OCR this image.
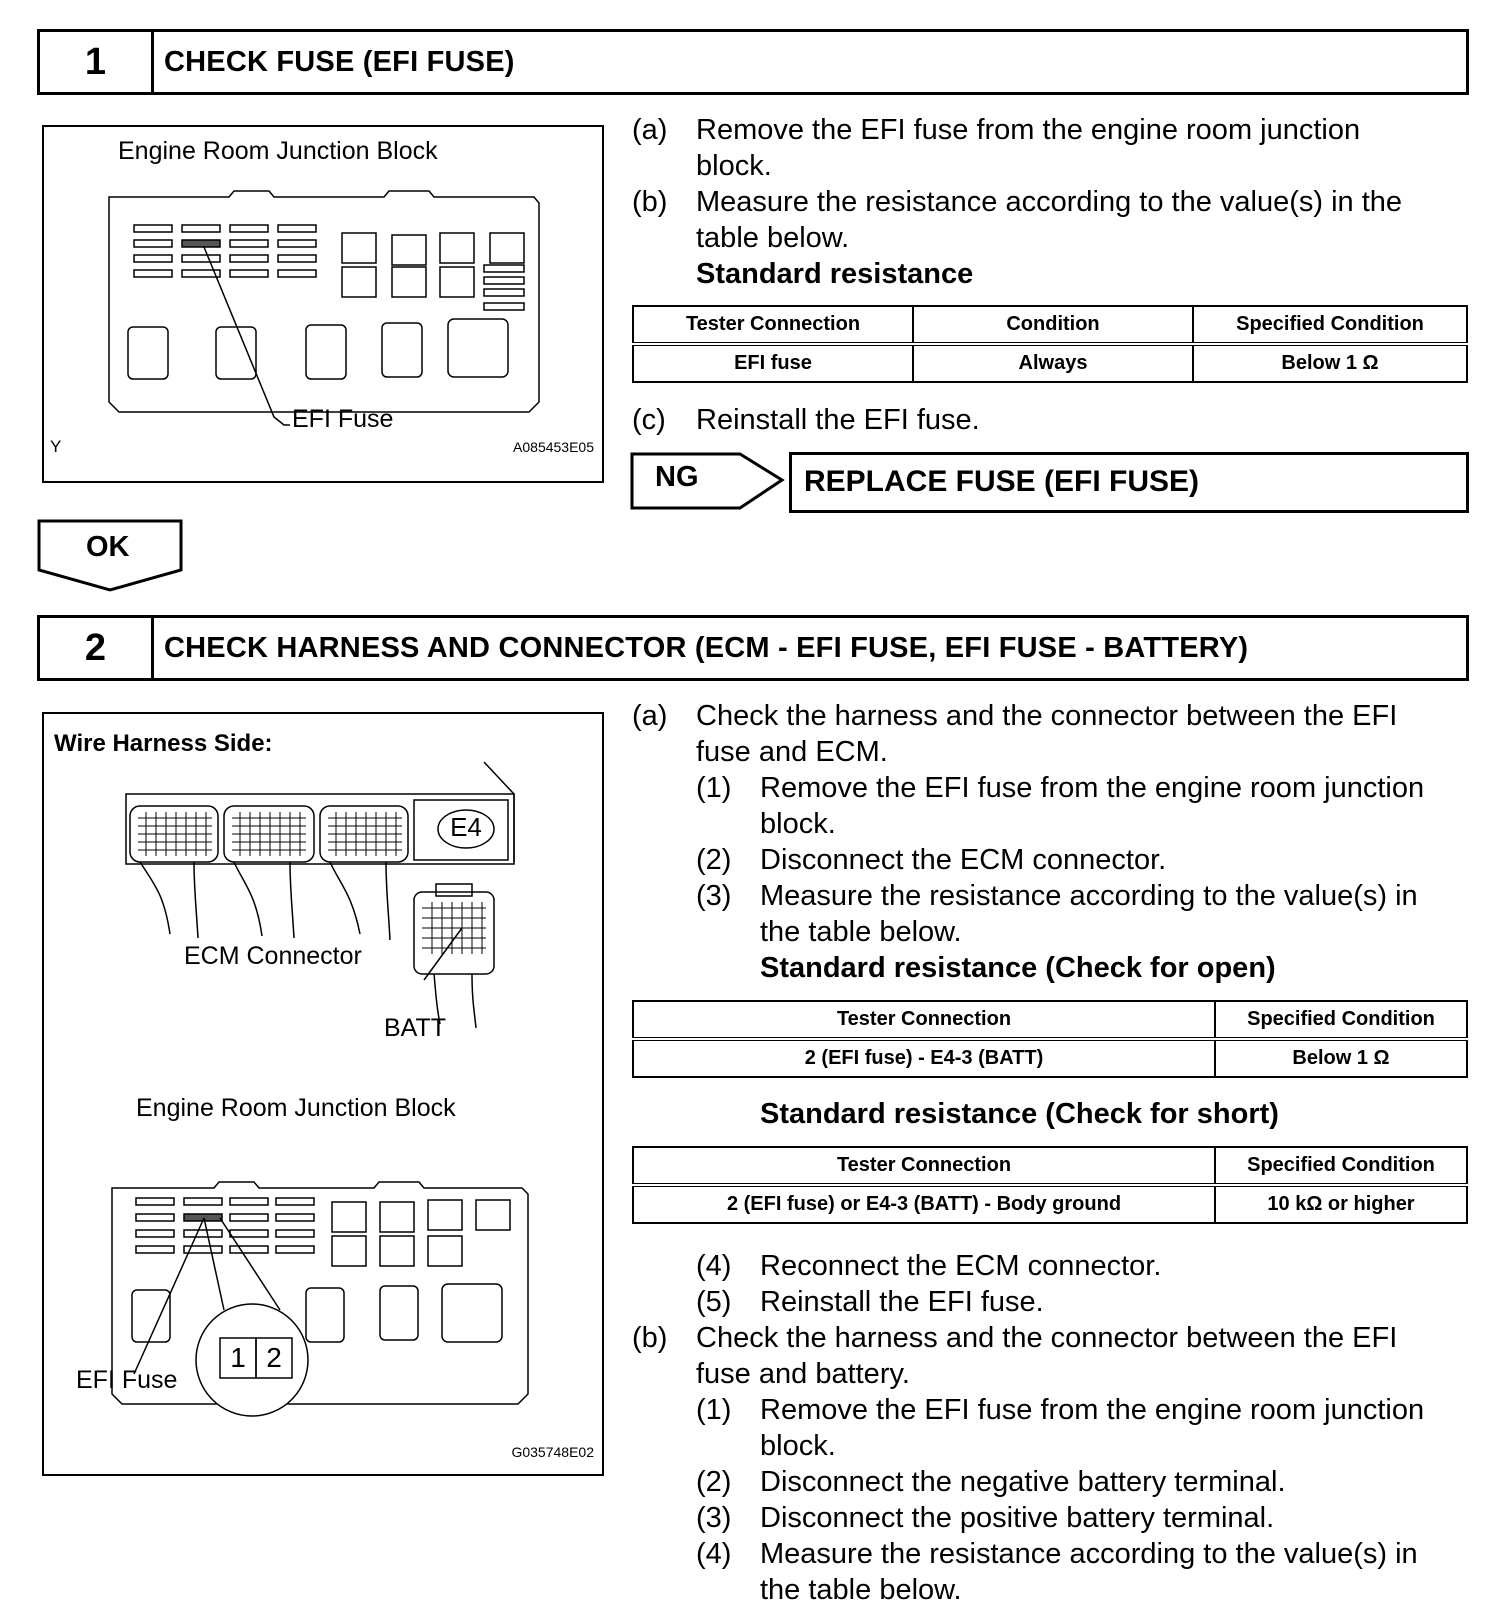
1	CHECK FUSE (EFI FUSE)
Engine Room Junction Block
EFI Fuse
Y	A085453E05
(a) Remove the EFI fuse from the engine room junction
block.
(b) Measure the resistance according to the value(s) in the
table below.
Standard resistance
Tester Connection	Condition	Specified Condition
EFI fuse	Always	Below 1 Ω
(c) Reinstall the EFI fuse.
NG	REPLACE FUSE (EFI FUSE)
OK
2	CHECK HARNESS AND CONNECTOR (ECM - EFI FUSE, EFI FUSE - BATTERY)
Wire Harness Side:
E4
ECM Connector
BATT
Engine Room Junction Block
1 2
EFI Fuse
G035748E02
(a) Check the harness and the connector between the EFI
fuse and ECM.
(1) Remove the EFI fuse from the engine room junction
block.
(2) Disconnect the ECM connector.
(3) Measure the resistance according to the value(s) in
the table below.
Standard resistance (Check for open)
Tester Connection	Specified Condition
2 (EFI fuse) - E4-3 (BATT)	Below 1 Ω
Standard resistance (Check for short)
Tester Connection	Specified Condition
2 (EFI fuse) or E4-3 (BATT) - Body ground	10 kΩ or higher
(4) Reconnect the ECM connector.
(5) Reinstall the EFI fuse.
(b) Check the harness and the connector between the EFI
fuse and battery.
(1) Remove the EFI fuse from the engine room junction
block.
(2) Disconnect the negative battery terminal.
(3) Disconnect the positive battery terminal.
(4) Measure the resistance according to the value(s) in
the table below.
